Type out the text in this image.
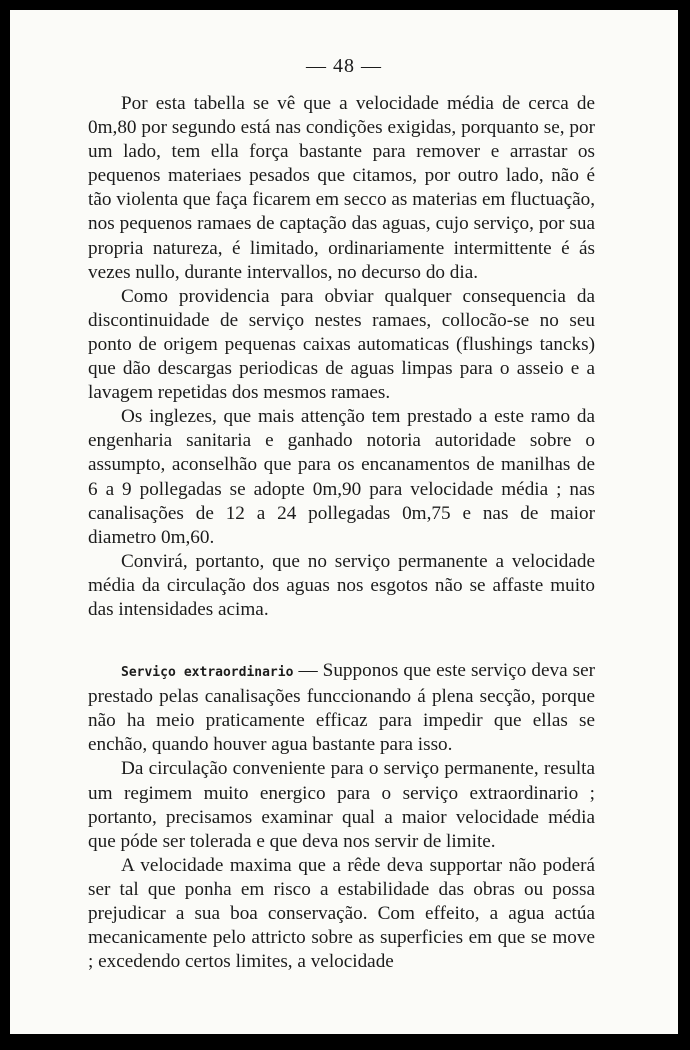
— 48 —

Por esta tabella se vê que a velocidade média de cerca de 0m,80 por segundo está nas condições exigidas, porquanto se, por um lado, tem ella força bastante para remover e arrastar os pequenos materiaes pesados que citamos, por outro lado, não é tão violenta que faça ficarem em secco as materias em fluctuação, nos pequenos ramaes de captação das aguas, cujo serviço, por sua propria natureza, é limitado, ordinariamente intermittente é ás vezes nullo, durante intervallos, no decurso do dia.

Como providencia para obviar qualquer consequencia da discontinuidade de serviço nestes ramaes, collocão-se no seu ponto de origem pequenas caixas automaticas (flushings tancks) que dão descargas periodicas de aguas limpas para o asseio e a lavagem repetidas dos mesmos ramaes.

Os inglezes, que mais attenção tem prestado a este ramo da engenharia sanitaria e ganhado notoria autoridade sobre o assumpto, aconselhão que para os encanamentos de manilhas de 6 a 9 pollegadas se adopte 0m,90 para velocidade média ; nas canalisações de 12 a 24 pollegadas 0m,75 e nas de maior diametro 0m,60.

Convirá, portanto, que no serviço permanente a velocidade média da circulação dos aguas nos esgotos não se affaste muito das intensidades acima.

Serviço extraordinario — Supponos que este serviço deva ser prestado pelas canalisações funccionando á plena secção, porque não ha meio praticamente efficaz para impedir que ellas se enchão, quando houver agua bastante para isso.

Da circulação conveniente para o serviço permanente, resulta um regimem muito energico para o serviço extraordinario ; portanto, precisamos examinar qual a maior velocidade média que póde ser tolerada e que deva nos servir de limite.

A velocidade maxima que a rêde deva supportar não poderá ser tal que ponha em risco a estabilidade das obras ou possa prejudicar a sua boa conservação. Com effeito, a agua actúa mecanicamente pelo attricto sobre as superficies em que se move ; excedendo certos limites, a velocidade
